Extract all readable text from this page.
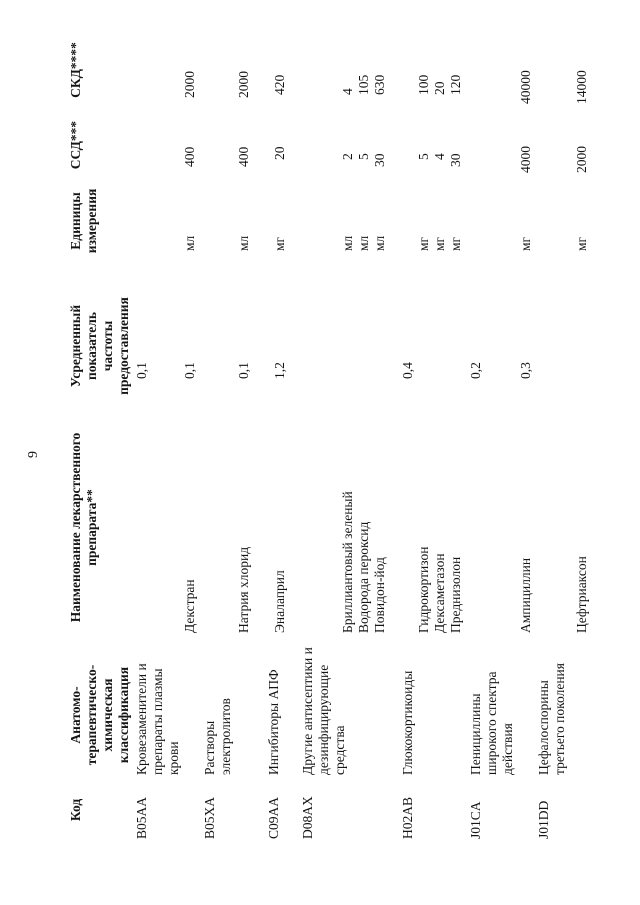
9
Код
Анатомо-терапевтическо-химическая классификация
Наименование лекарственного препарата**
Усредненный показатель частоты предоставления
Единицы измерения
ССД***
СКД****
B05AA
Кровезаменители и препараты плазмы крови
0,1
Декстран
0,1
мл
400
2000
B05XA
Растворы электролитов
Натрия хлорид
0,1
мл
400
2000
C09AA
Ингибиторы АПФ
Эналаприл
1,2
мг
20
420
D08AX
Другие антисептики и дезинфицирующие средства
Бриллиантовый зеленый
мл
2
4
Водорода пероксид
мл
5
105
Повидон-йод
мл
30
630
H02AB
Глюкокортикоиды
0,4
Гидрокортизон
мг
5
100
Дексаметазон
мг
4
20
Преднизолон
мг
30
120
J01CA
Пенициллины широкого спектра действия
0,2
Ампициллин
0,3
мг
4000
40000
J01DD
Цефалоспорины третьего поколения
Цефтриаксон
мг
2000
14000
